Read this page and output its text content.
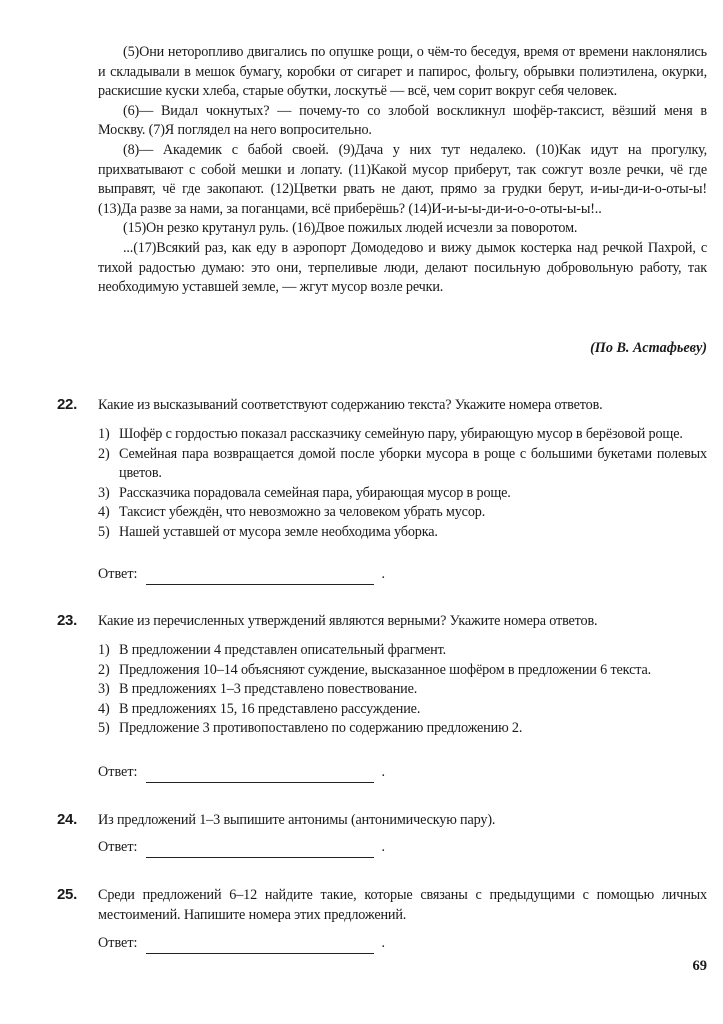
(5)Они неторопливо двигались по опушке рощи, о чём-то беседуя, время от времени наклонялись и складывали в мешок бумагу, коробки от сигарет и папирос, фольгу, обрывки полиэтилена, окурки, раскисшие куски хлеба, старые обутки, лоскутьё — всё, чем сорит вокруг себя человек.

(6)— Видал чокнутых? — почему-то со злобой воскликнул шофёр-таксист, вёзший меня в Москву. (7)Я поглядел на него вопросительно.

(8)— Академик с бабой своей. (9)Дача у них тут недалеко. (10)Как идут на прогулку, прихватывают с собой мешки и лопату. (11)Какой мусор приберут, так сожгут возле речки, чё где выправят, чё где закопают. (12)Цветки рвать не дают, прямо за грудки берут, и-иы-ди-и-о-оты-ы! (13)Да разве за нами, за поганцами, всё приберёшь? (14)И-и-ы-ы-ди-и-о-о-оты-ы-ы!..

(15)Он резко крутанул руль. (16)Двое пожилых людей исчезли за поворотом.

...(17)Всякий раз, как еду в аэропорт Домодедово и вижу дымок костерка над речкой Пахрой, с тихой радостью думаю: это они, терпеливые люди, делают посильную добровольную работу, так необходимую уставшей земле, — жгут мусор возле речки.

(По В. Астафьеву)
22. Какие из высказываний соответствуют содержанию текста? Укажите номера ответов.
1) Шофёр с гордостью показал рассказчику семейную пару, убирающую мусор в берёзовой роще.
2) Семейная пара возвращается домой после уборки мусора в роще с большими букетами полевых цветов.
3) Рассказчика порадовала семейная пара, убирающая мусор в роще.
4) Таксист убеждён, что невозможно за человеком убрать мусор.
5) Нашей уставшей от мусора земле необходима уборка.
Ответ:	.
23. Какие из перечисленных утверждений являются верными? Укажите номера ответов.
1) В предложении 4 представлен описательный фрагмент.
2) Предложения 10–14 объясняют суждение, высказанное шофёром в предложении 6 текста.
3) В предложениях 1–3 представлено повествование.
4) В предложениях 15, 16 представлено рассуждение.
5) Предложение 3 противопоставлено по содержанию предложению 2.
Ответ:	.
24. Из предложений 1–3 выпишите антонимы (антонимическую пару).
Ответ:	.
25. Среди предложений 6–12 найдите такие, которые связаны с предыдущими с помощью личных местоимений. Напишите номера этих предложений.
Ответ:	.
69
